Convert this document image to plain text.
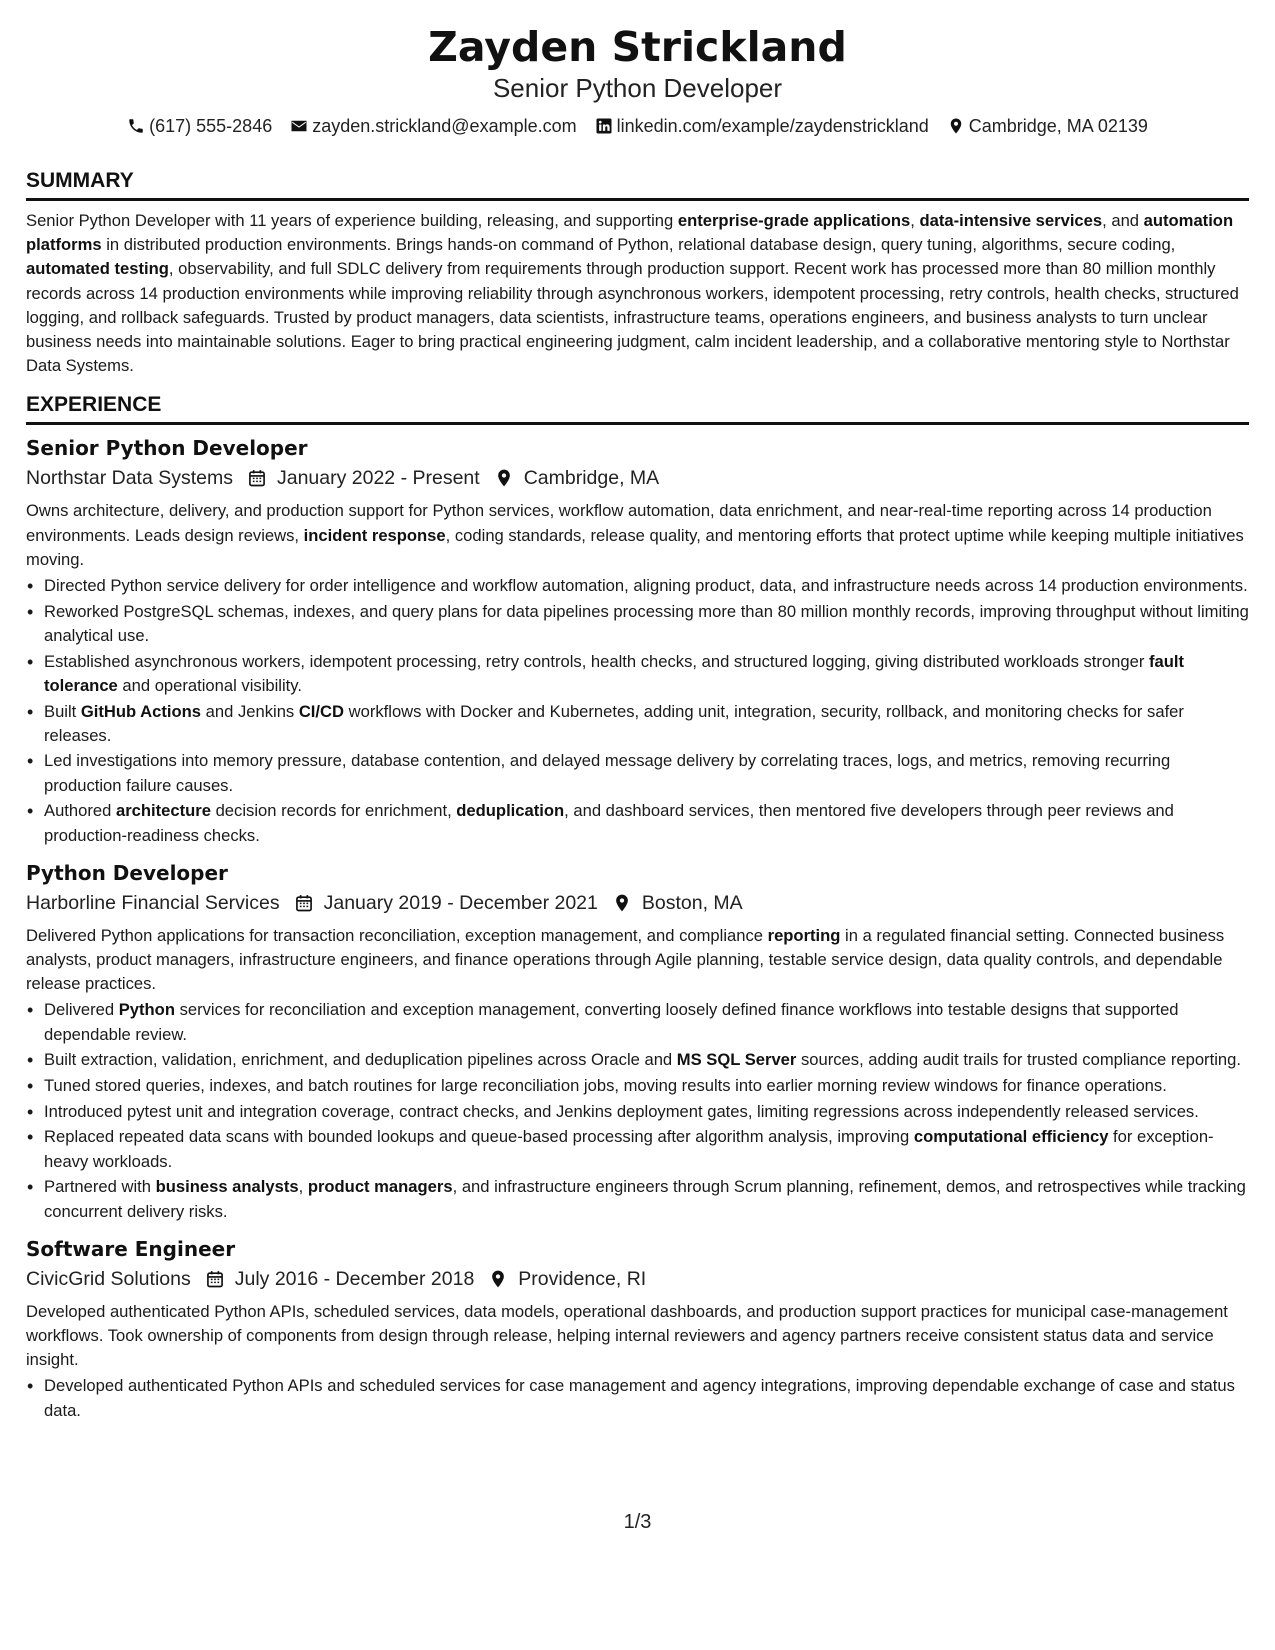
Zayden Strickland
Senior Python Developer
(617) 555-2846 zayden.strickland@example.com linkedin.com/example/zaydenstrickland Cambridge, MA 02139
SUMMARY
Senior Python Developer with 11 years of experience building, releasing, and supporting enterprise-grade applications, data-intensive services, and automation platforms in distributed production environments. Brings hands-on command of Python, relational database design, query tuning, algorithms, secure coding, automated testing, observability, and full SDLC delivery from requirements through production support. Recent work has processed more than 80 million monthly records across 14 production environments while improving reliability through asynchronous workers, idempotent processing, retry controls, health checks, structured logging, and rollback safeguards. Trusted by product managers, data scientists, infrastructure teams, operations engineers, and business analysts to turn unclear business needs into maintainable solutions. Eager to bring practical engineering judgment, calm incident leadership, and a collaborative mentoring style to Northstar Data Systems.
EXPERIENCE
Senior Python Developer
Northstar Data Systems January 2022 - Present Cambridge, MA
Owns architecture, delivery, and production support for Python services, workflow automation, data enrichment, and near-real-time reporting across 14 production environments. Leads design reviews, incident response, coding standards, release quality, and mentoring efforts that protect uptime while keeping multiple initiatives moving.
• Directed Python service delivery for order intelligence and workflow automation, aligning product, data, and infrastructure needs across 14 production environments.
• Reworked PostgreSQL schemas, indexes, and query plans for data pipelines processing more than 80 million monthly records, improving throughput without limiting analytical use.
• Established asynchronous workers, idempotent processing, retry controls, health checks, and structured logging, giving distributed workloads stronger fault tolerance and operational visibility.
• Built GitHub Actions and Jenkins CI/CD workflows with Docker and Kubernetes, adding unit, integration, security, rollback, and monitoring checks for safer releases.
• Led investigations into memory pressure, database contention, and delayed message delivery by correlating traces, logs, and metrics, removing recurring production failure causes.
• Authored architecture decision records for enrichment, deduplication, and dashboard services, then mentored five developers through peer reviews and production-readiness checks.
Python Developer
Harborline Financial Services January 2019 - December 2021 Boston, MA
Delivered Python applications for transaction reconciliation, exception management, and compliance reporting in a regulated financial setting. Connected business analysts, product managers, infrastructure engineers, and finance operations through Agile planning, testable service design, data quality controls, and dependable release practices.
• Delivered Python services for reconciliation and exception management, converting loosely defined finance workflows into testable designs that supported dependable review.
• Built extraction, validation, enrichment, and deduplication pipelines across Oracle and MS SQL Server sources, adding audit trails for trusted compliance reporting.
• Tuned stored queries, indexes, and batch routines for large reconciliation jobs, moving results into earlier morning review windows for finance operations.
• Introduced pytest unit and integration coverage, contract checks, and Jenkins deployment gates, limiting regressions across independently released services.
• Replaced repeated data scans with bounded lookups and queue-based processing after algorithm analysis, improving computational efficiency for exception-heavy workloads.
• Partnered with business analysts, product managers, and infrastructure engineers through Scrum planning, refinement, demos, and retrospectives while tracking concurrent delivery risks.
Software Engineer
CivicGrid Solutions July 2016 - December 2018 Providence, RI
Developed authenticated Python APIs, scheduled services, data models, operational dashboards, and production support practices for municipal case-management workflows. Took ownership of components from design through release, helping internal reviewers and agency partners receive consistent status data and service insight.
• Developed authenticated Python APIs and scheduled services for case management and agency integrations, improving dependable exchange of case and status data.
1/3
